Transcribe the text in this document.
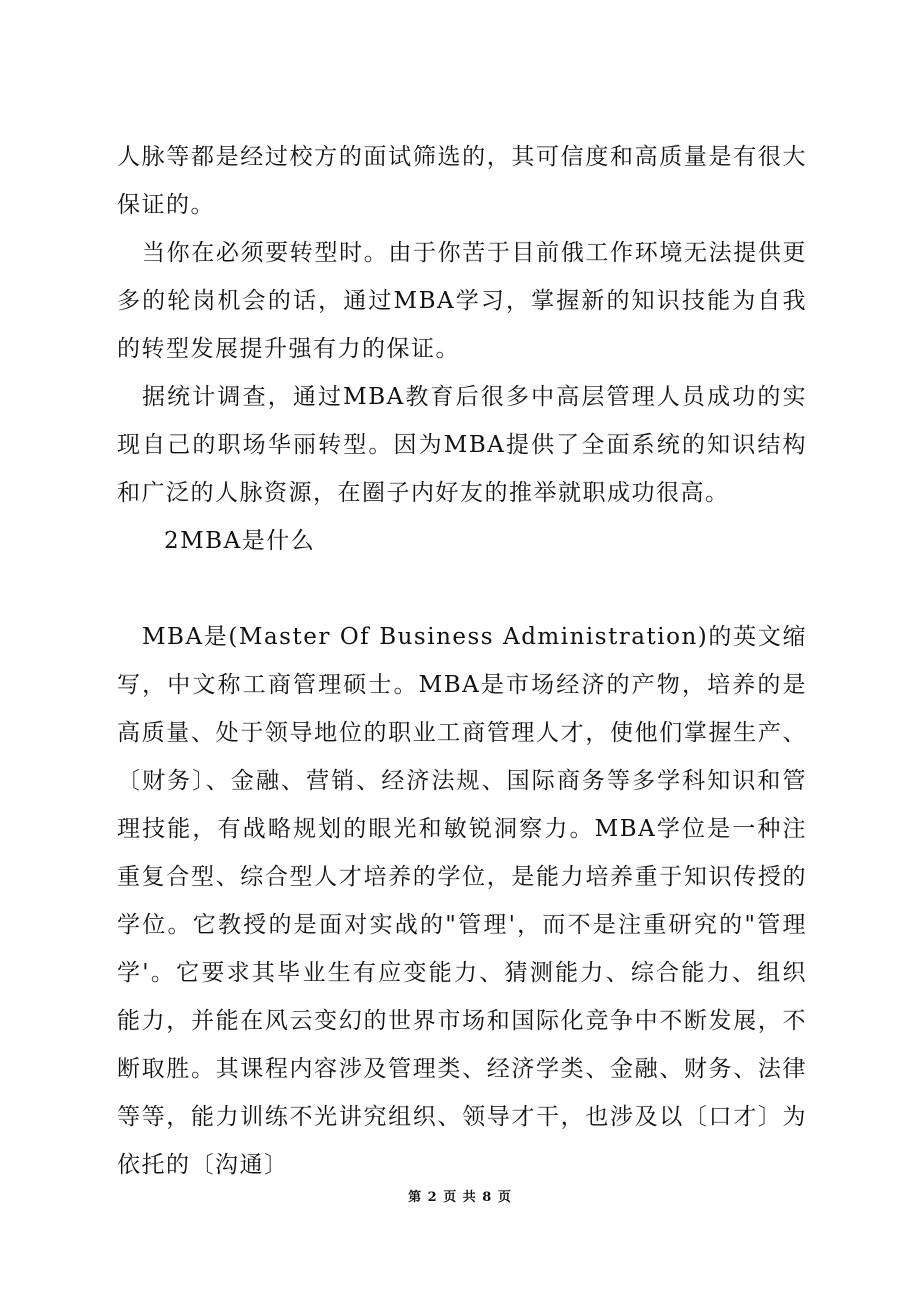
人脉等都是经过校方的面试筛选的，其可信度和高质量是有很大保证的。

当你在必须要转型时。由于你苦于目前俄工作环境无法提供更多的轮岗机会的话，通过MBA学习，掌握新的知识技能为自我的转型发展提升强有力的保证。

据统计调查，通过MBA教育后很多中高层管理人员成功的实现自己的职场华丽转型。因为MBA提供了全面系统的知识结构和广泛的人脉资源，在圈子内好友的推举就职成功很高。

2MBA是什么

MBA是(Master Of Business Administration)的英文缩写，中文称工商管理硕士。MBA是市场经济的产物，培养的是高质量、处于领导地位的职业工商管理人才，使他们掌握生产、〔财务〕、金融、营销、经济法规、国际商务等多学科知识和管理技能，有战略规划的眼光和敏锐洞察力。MBA学位是一种注重复合型、综合型人才培养的学位，是能力培养重于知识传授的学位。它教授的是面对实战的"管理'，而不是注重研究的"管理学'。它要求其毕业生有应变能力、猜测能力、综合能力、组织能力，并能在风云变幻的世界市场和国际化竞争中不断发展，不断取胜。其课程内容涉及管理类、经济学类、金融、财务、法律等等，能力训练不光讲究组织、领导才干，也涉及以〔口才〕为依托的〔沟通〕

第 2 页 共 8 页
